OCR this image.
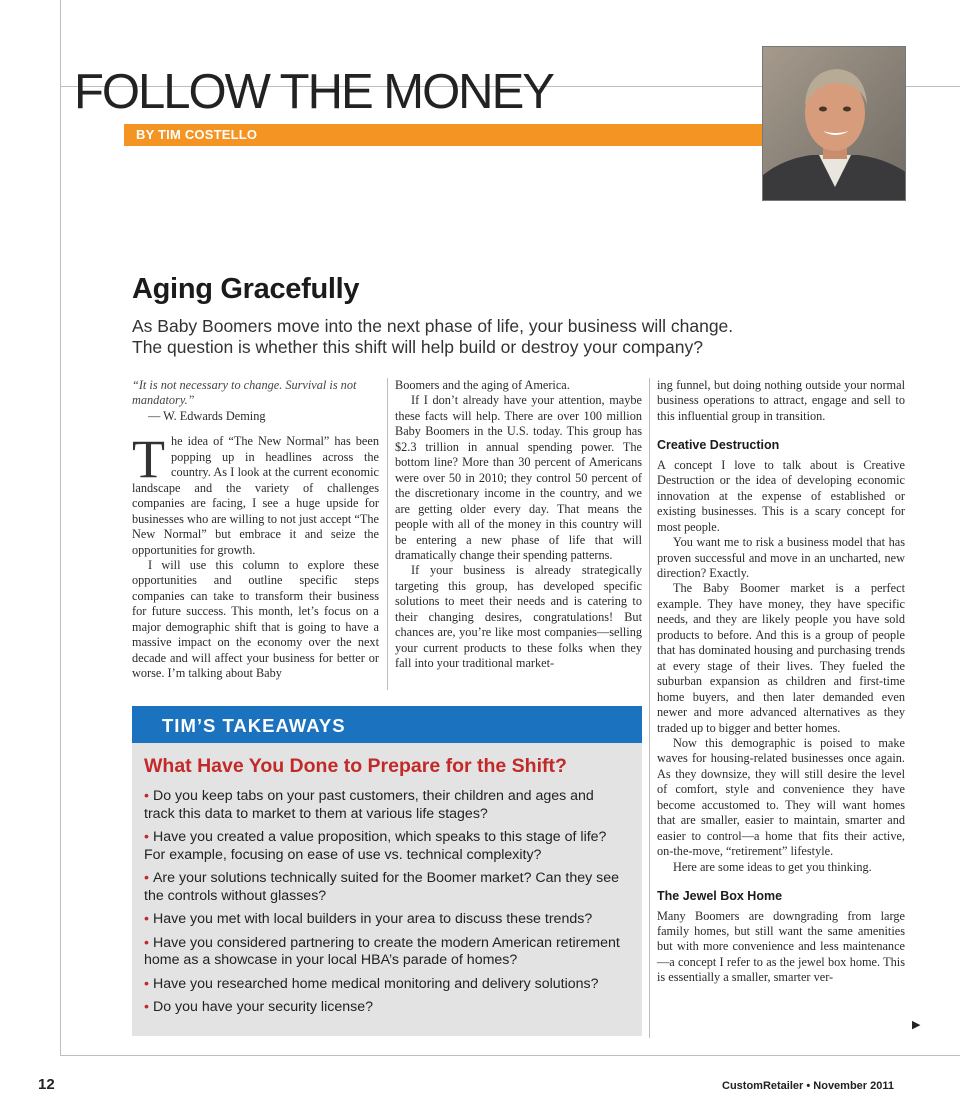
FOLLOW THE MONEY
BY TIM COSTELLO
Aging Gracefully
As Baby Boomers move into the next phase of life, your business will change.
The question is whether this shift will help build or destroy your company?

“It is not necessary to change. Survival is not mandatory.”

— W. Edwards Deming

The idea of “The New Normal” has been popping up in headlines across the country. As I look at the current economic landscape and the variety of challenges companies are facing, I see a huge upside for businesses who are willing to not just accept “The New Normal” but embrace it and seize the opportunities for growth.

I will use this column to explore these opportunities and outline specific steps companies can take to transform their business for future success. This month, let’s focus on a major demographic shift that is going to have a massive impact on the economy over the next decade and will affect your business for better or worse. I’m talking about Baby

Boomers and the aging of America.

If I don’t already have your attention, maybe these facts will help. There are over 100 million Baby Boomers in the U.S. today. This group has $2.3 trillion in annual spending power. The bottom line? More than 30 percent of Americans were over 50 in 2010; they control 50 percent of the discretionary income in the country, and we are getting older every day. That means the people with all of the money in this country will be entering a new phase of life that will dramatically change their spending patterns.

If your business is already strategically targeting this group, has developed specific solutions to meet their needs and is catering to their changing desires, congratulations! But chances are, you’re like most companies—selling your current products to these folks when they fall into your traditional market-

ing funnel, but doing nothing outside your normal business operations to attract, engage and sell to this influential group in transition.

Creative Destruction

A concept I love to talk about is Creative Destruction or the idea of developing economic innovation at the expense of established or existing businesses. This is a scary concept for most people.

You want me to risk a business model that has proven successful and move in an uncharted, new direction? Exactly.

The Baby Boomer market is a perfect example. They have money, they have specific needs, and they are likely people you have sold products to before. And this is a group of people that has dominated housing and purchasing trends at every stage of their lives. They fueled the suburban expansion as children and first-time home buyers, and then later demanded even newer and more advanced alternatives as they traded up to bigger and better homes.

Now this demographic is poised to make waves for housing-related businesses once again. As they downsize, they will still desire the level of comfort, style and convenience they have become accustomed to. They will want homes that are smaller, easier to maintain, smarter and easier to control—a home that fits their active, on-the-move, “retirement” lifestyle.

Here are some ideas to get you thinking.

The Jewel Box Home

Many Boomers are downgrading from large family homes, but still want the same amenities but with more convenience and less maintenance—a concept I refer to as the jewel box home. This is essentially a smaller, smarter ver-

▶
TIM’S TAKEAWAYS
What Have You Done to Prepare for the Shift?
• Do you keep tabs on your past customers, their children and ages and track this data to market to them at various life stages?
• Have you created a value proposition, which speaks to this stage of life? For example, focusing on ease of use vs. technical complexity?
• Are your solutions technically suited for the Boomer market? Can they see the controls without glasses?
• Have you met with local builders in your area to discuss these trends?
• Have you considered partnering to create the modern American retirement home as a showcase in your local HBA’s parade of homes?
• Have you researched home medical monitoring and delivery solutions?
• Do you have your security license?
12	CustomRetailer • November 2011
